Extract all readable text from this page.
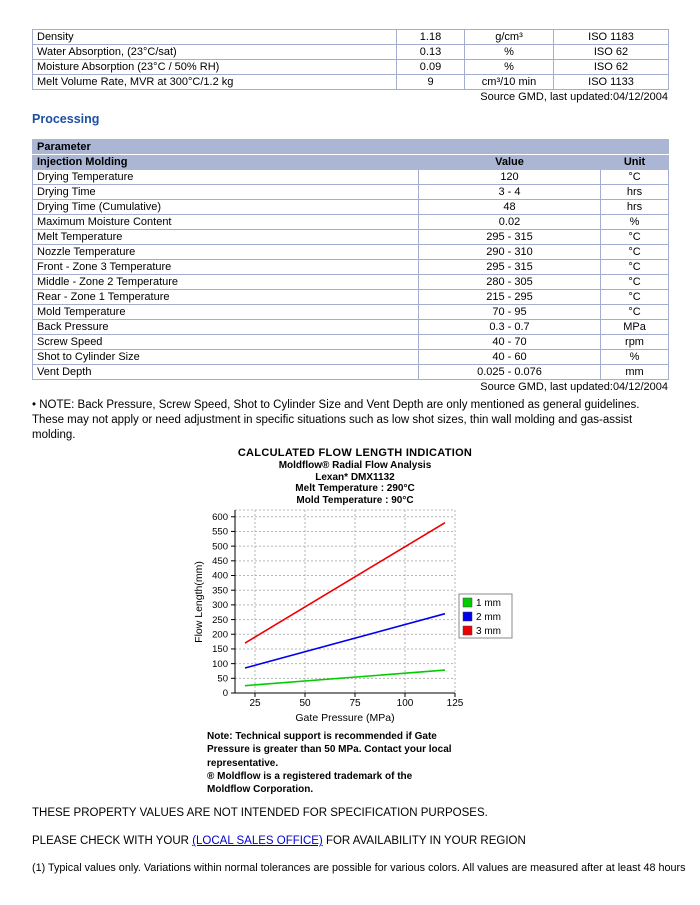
Density	1.18	g/cm³	ISO 1183
Water Absorption, (23°C/sat)	0.13	%	ISO 62
Moisture Absorption (23°C / 50% RH)	0.09	%	ISO 62
Melt Volume Rate, MVR at 300°C/1.2 kg	9	cm³/10 min	ISO 1133
Source GMD, last updated:04/12/2004
Processing
Parameter		
Injection Molding	Value	Unit
Drying Temperature	120	°C
Drying Time	3 - 4	hrs
Drying Time (Cumulative)	48	hrs
Maximum Moisture Content	0.02	%
Melt Temperature	295 - 315	°C
Nozzle Temperature	290 - 310	°C
Front - Zone 3 Temperature	295 - 315	°C
Middle - Zone 2 Temperature	280 - 305	°C
Rear - Zone 1 Temperature	215 - 295	°C
Mold Temperature	70 - 95	°C
Back Pressure	0.3 - 0.7	MPa
Screw Speed	40 - 70	rpm
Shot to Cylinder Size	40 - 60	%
Vent Depth	0.025 - 0.076	mm
Source GMD, last updated:04/12/2004

• NOTE: Back Pressure, Screw Speed, Shot to Cylinder Size and Vent Depth are only mentioned as general guidelines. These may not apply or need adjustment in specific situations such as low shot sizes, thin wall molding and gas-assist molding.

CALCULATED FLOW LENGTH INDICATION
Moldflow® Radial Flow Analysis
Lexan* DMX1132
Melt Temperature : 290°C
Mold Temperature : 90°C
0
50
100
150
200
250
300
350
400
450
500
550
600
25	50	75	100	125
1 mm
2 mm
3 mm
Flow Length(mm)
Gate Pressure (MPa)

Note: Technical support is recommended if Gate Pressure is greater than 50 MPa. Contact your local representative.

® Moldflow is a registered trademark of the Moldflow Corporation.

THESE PROPERTY VALUES ARE NOT INTENDED FOR SPECIFICATION PURPOSES.

PLEASE CHECK WITH YOUR (LOCAL SALES OFFICE) FOR AVAILABILITY IN YOUR REGION

(1) Typical values only. Variations within normal tolerances are possible for various colors. All values are measured after at least 48 hours
